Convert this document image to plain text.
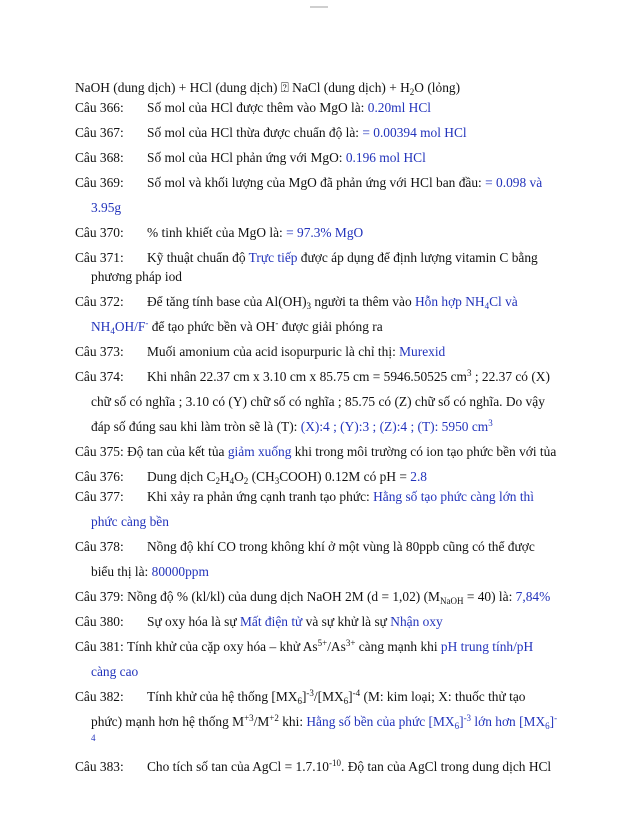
NaOH (dung dịch) + HCl (dung dịch) ⍰ NaCl (dung dịch) + $H_2O$ (lỏng)
Câu 366: Số mol của HCl được thêm vào MgO là: 0.20ml HCl
Câu 367: Số mol của HCl thừa được chuẩn độ là: = 0.00394 mol HCl
Câu 368: Số mol của HCl phản ứng với MgO: 0.196 mol HCl
Câu 369: Số mol và khối lượng của MgO đã phản ứng với HCl ban đầu: = 0.098 và
3.95g
Câu 370: % tinh khiết của MgO là: = 97.3% MgO
Câu 371: Kỹ thuật chuẩn độ Trực tiếp được áp dụng để định lượng vitamin C bằng
phương pháp iod
Câu 372: Để tăng tính base của $Al(OH)_3$ người ta thêm vào Hỗn hợp $NH_4Cl$ và
$NH_4OH/F^-$ để tạo phức bền và OH- được giải phóng ra
Câu 373: Muối amonium của acid isopurpuric là chỉ thị: Murexid
Câu 374: Khi nhân 22.37 cm x 3.10 cm x 85.75 cm = 5946.50525 $cm^3$ ; 22.37 có (X)
chữ số có nghĩa ; 3.10 có (Y) chữ số có nghĩa ; 85.75 có (Z) chữ số có nghĩa. Do vậy
đáp số đúng sau khi làm tròn sẽ là (T): (X):4 ; (Y):3 ; (Z):4 ; (T): 5950 $cm^3$
Câu 375: Độ tan của kết tủa giảm xuống khi trong môi trường có ion tạo phức bền với tủa
Câu 376: Dung dịch $C_2H_4O_2$ $(CH_3COOH)$ 0.12M có pH = 2.8
Câu 377: Khi xảy ra phản ứng cạnh tranh tạo phức: Hằng số tạo phức càng lớn thì
phức càng bền
Câu 378: Nồng độ khí CO trong không khí ở một vùng là 80ppb cũng có thể được
biểu thị là: 80000ppm
Câu 379: Nồng độ % (kl/kl) của dung dịch NaOH 2M (d = 1,02) $(M_{NaOH} = 40)$ là: 7,84%
Câu 380: Sự oxy hóa là sự Mất điện tử và sự khử là sự Nhận oxy
Câu 381: Tính khử của cặp oxy hóa – khử $As^{5+}/As^{3+}$ càng mạnh khi pH trung tính/pH
càng cao
Câu 382: Tính khử của hệ thống $[MX_6]^{-3}/[MX_6]^{-4}$ (M: kim loại; X: thuốc thử tạo
phức) mạnh hơn hệ thống $M^{+3}/M^{+2}$ khi: Hằng số bền của phức $[MX_6]^{-3}$ lớn hơn $[MX_6]^-$
4
Câu 383: Cho tích số tan của AgCl = $1.7.10^{-10}$. Độ tan của AgCl trong dung dịch HCl
